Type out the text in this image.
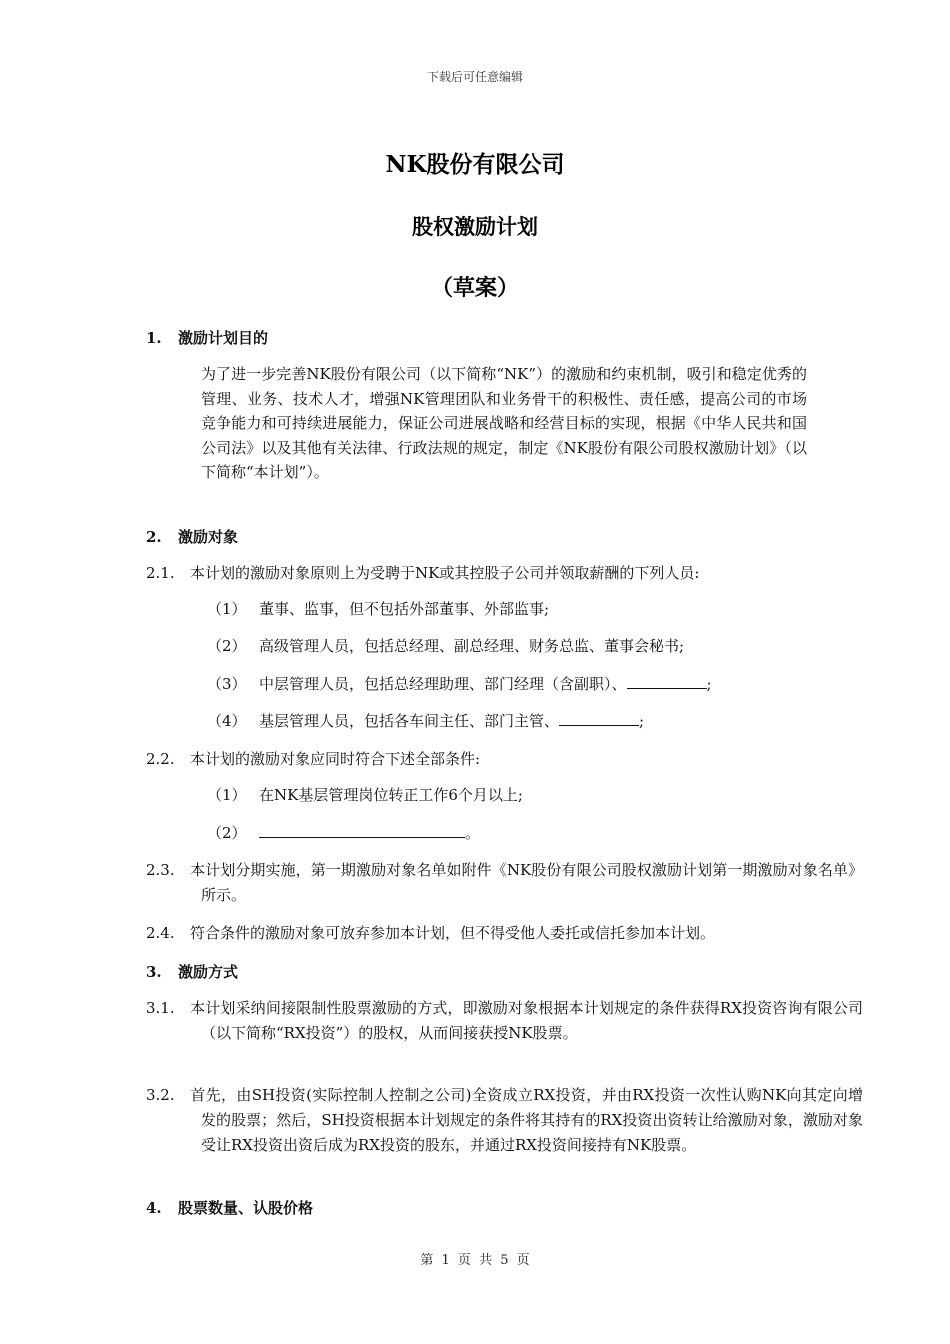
下载后可任意编辑
NK股份有限公司
股权激励计划
（草案）
1. 激励计划目的
为了进一步完善NK股份有限公司（以下简称“NK”）的激励和约束机制，吸引和稳定优秀的管理、业务、技术人才，增强NK管理团队和业务骨干的积极性、责任感，提高公司的市场竞争能力和可持续进展能力，保证公司进展战略和经营目标的实现，根据《中华人民共和国公司法》以及其他有关法律、行政法规的规定，制定《NK股份有限公司股权激励计划》（以下简称“本计划”）。
2. 激励对象
2.1. 本计划的激励对象原则上为受聘于NK或其控股子公司并领取薪酬的下列人员:
（1） 董事、监事，但不包括外部董事、外部监事;
（2） 高级管理人员，包括总经理、副总经理、财务总监、董事会秘书;
（3） 中层管理人员，包括总经理助理、部门经理（含副职）、	;
（4） 基层管理人员，包括各车间主任、部门主管、	;
2.2. 本计划的激励对象应同时符合下述全部条件:
（1） 在NK基层管理岗位转正工作6个月以上;
（2）	。
2.3. 本计划分期实施，第一期激励对象名单如附件《NK股份有限公司股权激励计划第一期激励对象名单》所示。
2.4. 符合条件的激励对象可放弃参加本计划，但不得受他人委托或信托参加本计划。
3. 激励方式
3.1. 本计划采纳间接限制性股票激励的方式，即激励对象根据本计划规定的条件获得RX投资咨询有限公司（以下简称“RX投资”）的股权，从而间接获授NK股票。
3.2. 首先，由SH投资(实际控制人控制之公司)全资成立RX投资，并由RX投资一次性认购NK向其定向增发的股票；然后，SH投资根据本计划规定的条件将其持有的RX投资出资转让给激励对象，激励对象受让RX投资出资后成为RX投资的股东，并通过RX投资间接持有NK股票。
4. 股票数量、认股价格
第 1 页 共 5 页
